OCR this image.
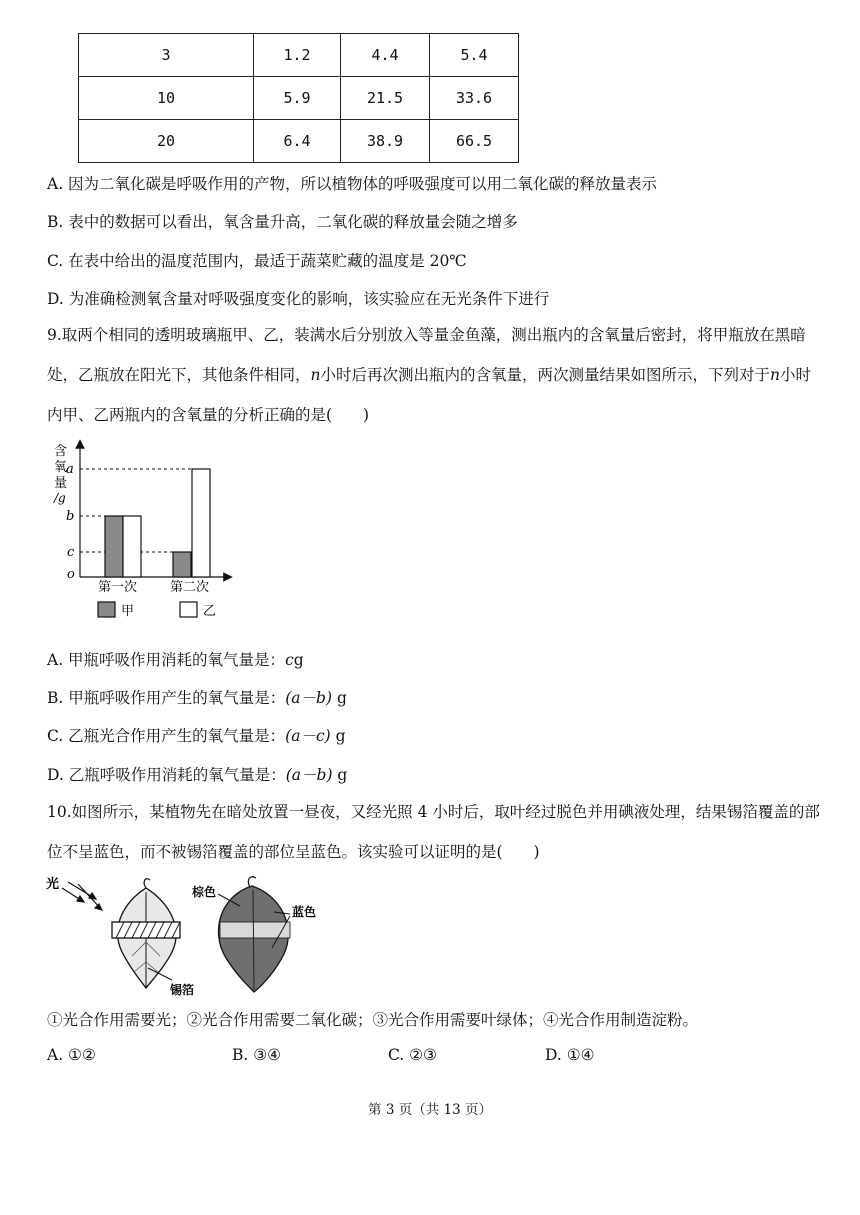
3	1.2	4.4	5.4
10	5.9	21.5	33.6
20	6.4	38.9	66.5
A. 因为二氧化碳是呼吸作用的产物，所以植物体的呼吸强度可以用二氧化碳的释放量表示
B. 表中的数据可以看出，氧含量升高，二氧化碳的释放量会随之增多
C. 在表中给出的温度范围内，最适于蔬菜贮藏的温度是 20℃
D. 为准确检测氧含量对呼吸强度变化的影响，该实验应在无光条件下进行
9.取两个相同的透明玻璃瓶甲、乙，装满水后分别放入等量金鱼藻，测出瓶内的含氧量后密封，将甲瓶放在黑暗处，乙瓶放在阳光下，其他条件相同，n小时后再次测出瓶内的含氧量，两次测量结果如图所示，下列对于n小时内甲、乙两瓶内的含氧量的分析正确的是(　　)
含
氧
量
/g
a
b
c
o
第一次	第二次
甲	乙
A. 甲瓶呼吸作用消耗的氧气量是：cg
B. 甲瓶呼吸作用产生的氧气量是：(a－b) g
C. 乙瓶光合作用产生的氧气量是：(a－c) g
D. 乙瓶呼吸作用消耗的氧气量是：(a－b) g
10.如图所示，某植物先在暗处放置一昼夜，又经光照 4 小时后，取叶经过脱色并用碘液处理，结果锡箔覆盖的部位不呈蓝色，而不被锡箔覆盖的部位呈蓝色。该实验可以证明的是(　　)
光
锡箔
棕色
蓝色
①光合作用需要光；②光合作用需要二氧化碳；③光合作用需要叶绿体；④光合作用制造淀粉。
A. ①②	B. ③④	C. ②③	D. ①④
第 3 页（共 13 页）
